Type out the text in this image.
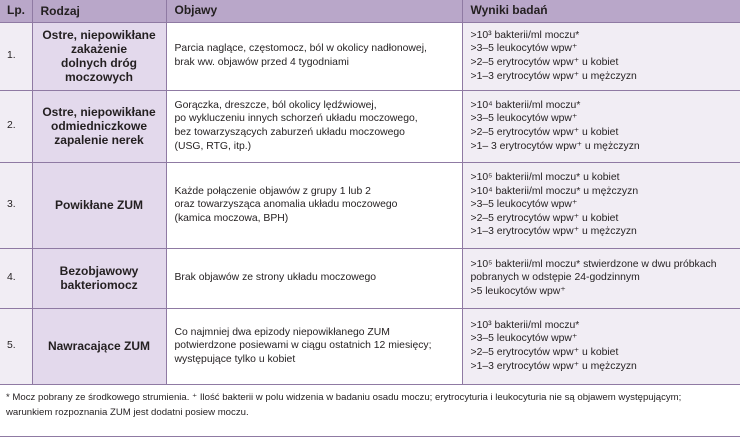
Lp.	Rodzaj	Objawy	Wyniki badań
1.	Ostre, niepowikłane
zakażenie
dolnych dróg
moczowych	Parcia naglące, częstomocz, ból w okolicy nadłonowej,
brak ww. objawów przed 4 tygodniami	>10³ bakterii/ml moczu*
>3–5 leukocytów wpw⁺
>2–5 erytrocytów wpw⁺ u kobiet
>1–3 erytrocytów wpw⁺ u mężczyzn

2.	Ostre, niepowikłane
odmiedniczkowe
zapalenie nerek	Gorączka, dreszcze, ból okolicy lędźwiowej,
po wykluczeniu innych schorzeń układu moczowego,
bez towarzyszących zaburzeń układu moczowego
(USG, RTG, itp.)	>10⁴ bakterii/ml moczu*
>3–5 leukocytów wpw⁺
>2–5 erytrocytów wpw⁺ u kobiet
>1– 3 erytrocytów wpw⁺ u mężczyzn

3.	Powikłane ZUM	Każde połączenie objawów z grupy 1 lub 2
oraz towarzysząca anomalia układu moczowego
(kamica moczowa, BPH)	>10⁵ bakterii/ml moczu* u kobiet
>10⁴ bakterii/ml moczu* u mężczyzn
>3–5 leukocytów wpw⁺
>2–5 erytrocytów wpw⁺ u kobiet
>1–3 erytrocytów wpw⁺ u mężczyzn

4.	Bezobjawowy
bakteriomocz	Brak objawów ze strony układu moczowego	>10⁵ bakterii/ml moczu* stwierdzone w dwu próbkach
pobranych w odstępie 24-godzinnym
>5 leukocytów wpw⁺

5.	Nawracające ZUM	Co najmniej dwa epizody niepowikłanego ZUM
potwierdzone posiewami w ciągu ostatnich 12 miesięcy;
występujące tylko u kobiet	>10³ bakterii/ml moczu*
>3–5 leukocytów wpw⁺
>2–5 erytrocytów wpw⁺ u kobiet
>1–3 erytrocytów wpw⁺ u mężczyzn

* Mocz pobrany ze środkowego strumienia. ⁺ Ilość bakterii w polu widzenia w badaniu osadu moczu; erytrocyturia i leukocyturia nie są objawem występującym;
warunkiem rozpoznania ZUM jest dodatni posiew moczu.			
